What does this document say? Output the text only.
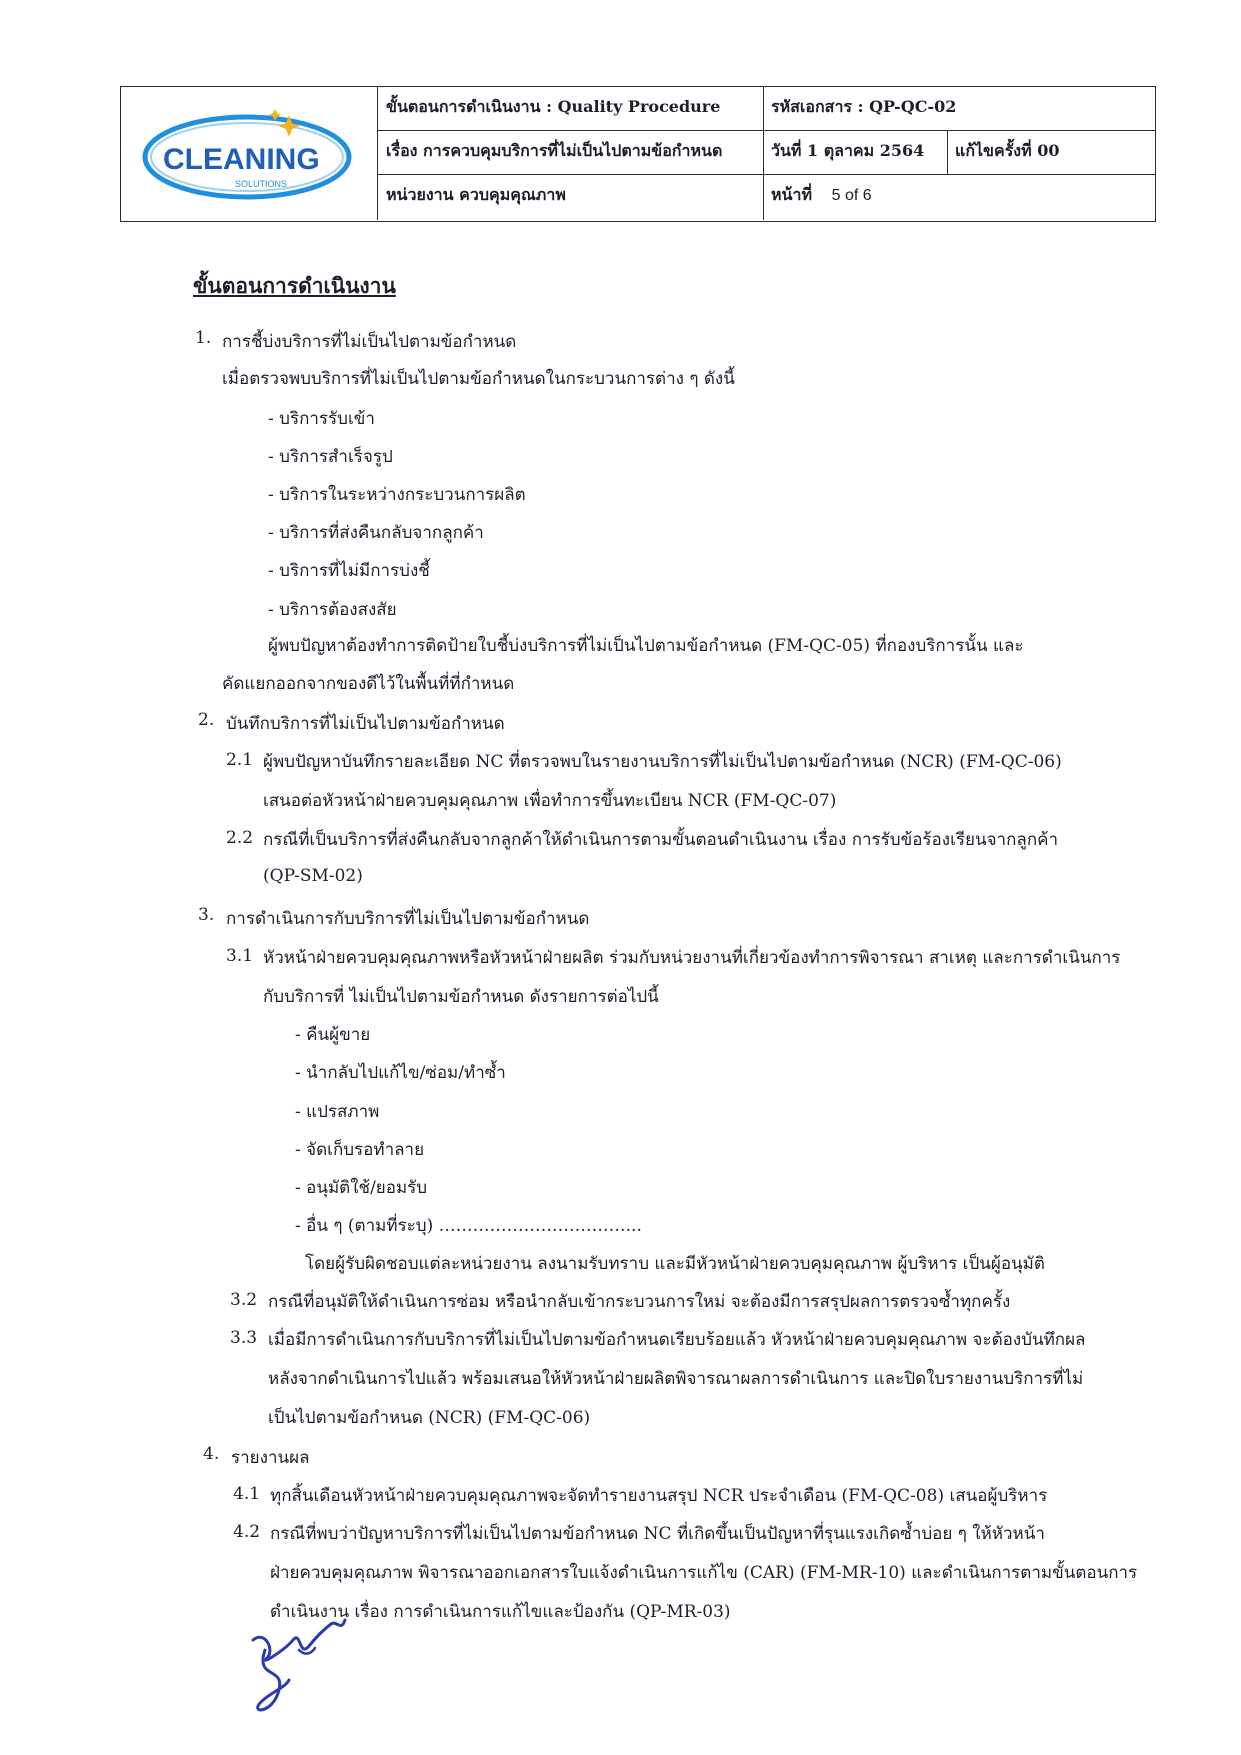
CLEANING
SOLUTIONS
ขั้นตอนการดำเนินงาน : Quality Procedure	รหัสเอกสาร : QP-QC-02
เรื่อง การควบคุมบริการที่ไม่เป็นไปตามข้อกำหนด	วันที่ 1 ตุลาคม 2564	แก้ไขครั้งที่ 00
หน่วยงาน ควบคุมคุณภาพ	หน้าที่ 5 of 6
ขั้นตอนการดำเนินงาน
1. การชี้บ่งบริการที่ไม่เป็นไปตามข้อกำหนด
เมื่อตรวจพบบริการที่ไม่เป็นไปตามข้อกำหนดในกระบวนการต่าง ๆ ดังนี้
- บริการรับเข้า
- บริการสำเร็จรูป
- บริการในระหว่างกระบวนการผลิต
- บริการที่ส่งคืนกลับจากลูกค้า
- บริการที่ไม่มีการบ่งชี้
- บริการต้องสงสัย
ผู้พบปัญหาต้องทำการติดป้ายใบชี้บ่งบริการที่ไม่เป็นไปตามข้อกำหนด (FM-QC-05) ที่กองบริการนั้น และ
คัดแยกออกจากของดีไว้ในพื้นที่ที่กำหนด
2. บันทึกบริการที่ไม่เป็นไปตามข้อกำหนด
2.1 ผู้พบปัญหาบันทึกรายละเอียด NC ที่ตรวจพบในรายงานบริการที่ไม่เป็นไปตามข้อกำหนด (NCR) (FM-QC-06)
เสนอต่อหัวหน้าฝ่ายควบคุมคุณภาพ เพื่อทำการขึ้นทะเบียน NCR (FM-QC-07)
2.2 กรณีที่เป็นบริการที่ส่งคืนกลับจากลูกค้าให้ดำเนินการตามขั้นตอนดำเนินงาน เรื่อง การรับข้อร้องเรียนจากลูกค้า
(QP-SM-02)
3. การดำเนินการกับบริการที่ไม่เป็นไปตามข้อกำหนด
3.1 หัวหน้าฝ่ายควบคุมคุณภาพหรือหัวหน้าฝ่ายผลิต ร่วมกับหน่วยงานที่เกี่ยวข้องทำการพิจารณา สาเหตุ และการดำเนินการ
กับบริการที่ ไม่เป็นไปตามข้อกำหนด ดังรายการต่อไปนี้
- คืนผู้ขาย
- นำกลับไปแก้ไข/ซ่อม/ทำซ้ำ
- แปรสภาพ
- จัดเก็บรอทำลาย
- อนุมัติใช้/ยอมรับ
- อื่น ๆ (ตามที่ระบุ) ……………………………...
โดยผู้รับผิดชอบแต่ละหน่วยงาน ลงนามรับทราบ และมีหัวหน้าฝ่ายควบคุมคุณภาพ ผู้บริหาร เป็นผู้อนุมัติ
3.2 กรณีที่อนุมัติให้ดำเนินการซ่อม หรือนำกลับเข้ากระบวนการใหม่ จะต้องมีการสรุปผลการตรวจซ้ำทุกครั้ง
3.3 เมื่อมีการดำเนินการกับบริการที่ไม่เป็นไปตามข้อกำหนดเรียบร้อยแล้ว หัวหน้าฝ่ายควบคุมคุณภาพ จะต้องบันทึกผล
หลังจากดำเนินการไปแล้ว พร้อมเสนอให้หัวหน้าฝ่ายผลิตพิจารณาผลการดำเนินการ และปิดใบรายงานบริการที่ไม่
เป็นไปตามข้อกำหนด (NCR) (FM-QC-06)
4. รายงานผล
4.1 ทุกสิ้นเดือนหัวหน้าฝ่ายควบคุมคุณภาพจะจัดทำรายงานสรุป NCR ประจำเดือน (FM-QC-08) เสนอผู้บริหาร
4.2 กรณีที่พบว่าปัญหาบริการที่ไม่เป็นไปตามข้อกำหนด NC ที่เกิดขึ้นเป็นปัญหาที่รุนแรงเกิดซ้ำบ่อย ๆ ให้หัวหน้า
ฝ่ายควบคุมคุณภาพ พิจารณาออกเอกสารใบแจ้งดำเนินการแก้ไข (CAR) (FM-MR-10) และดำเนินการตามขั้นตอนการ
ดำเนินงาน เรื่อง การดำเนินการแก้ไขและป้องกัน (QP-MR-03)
